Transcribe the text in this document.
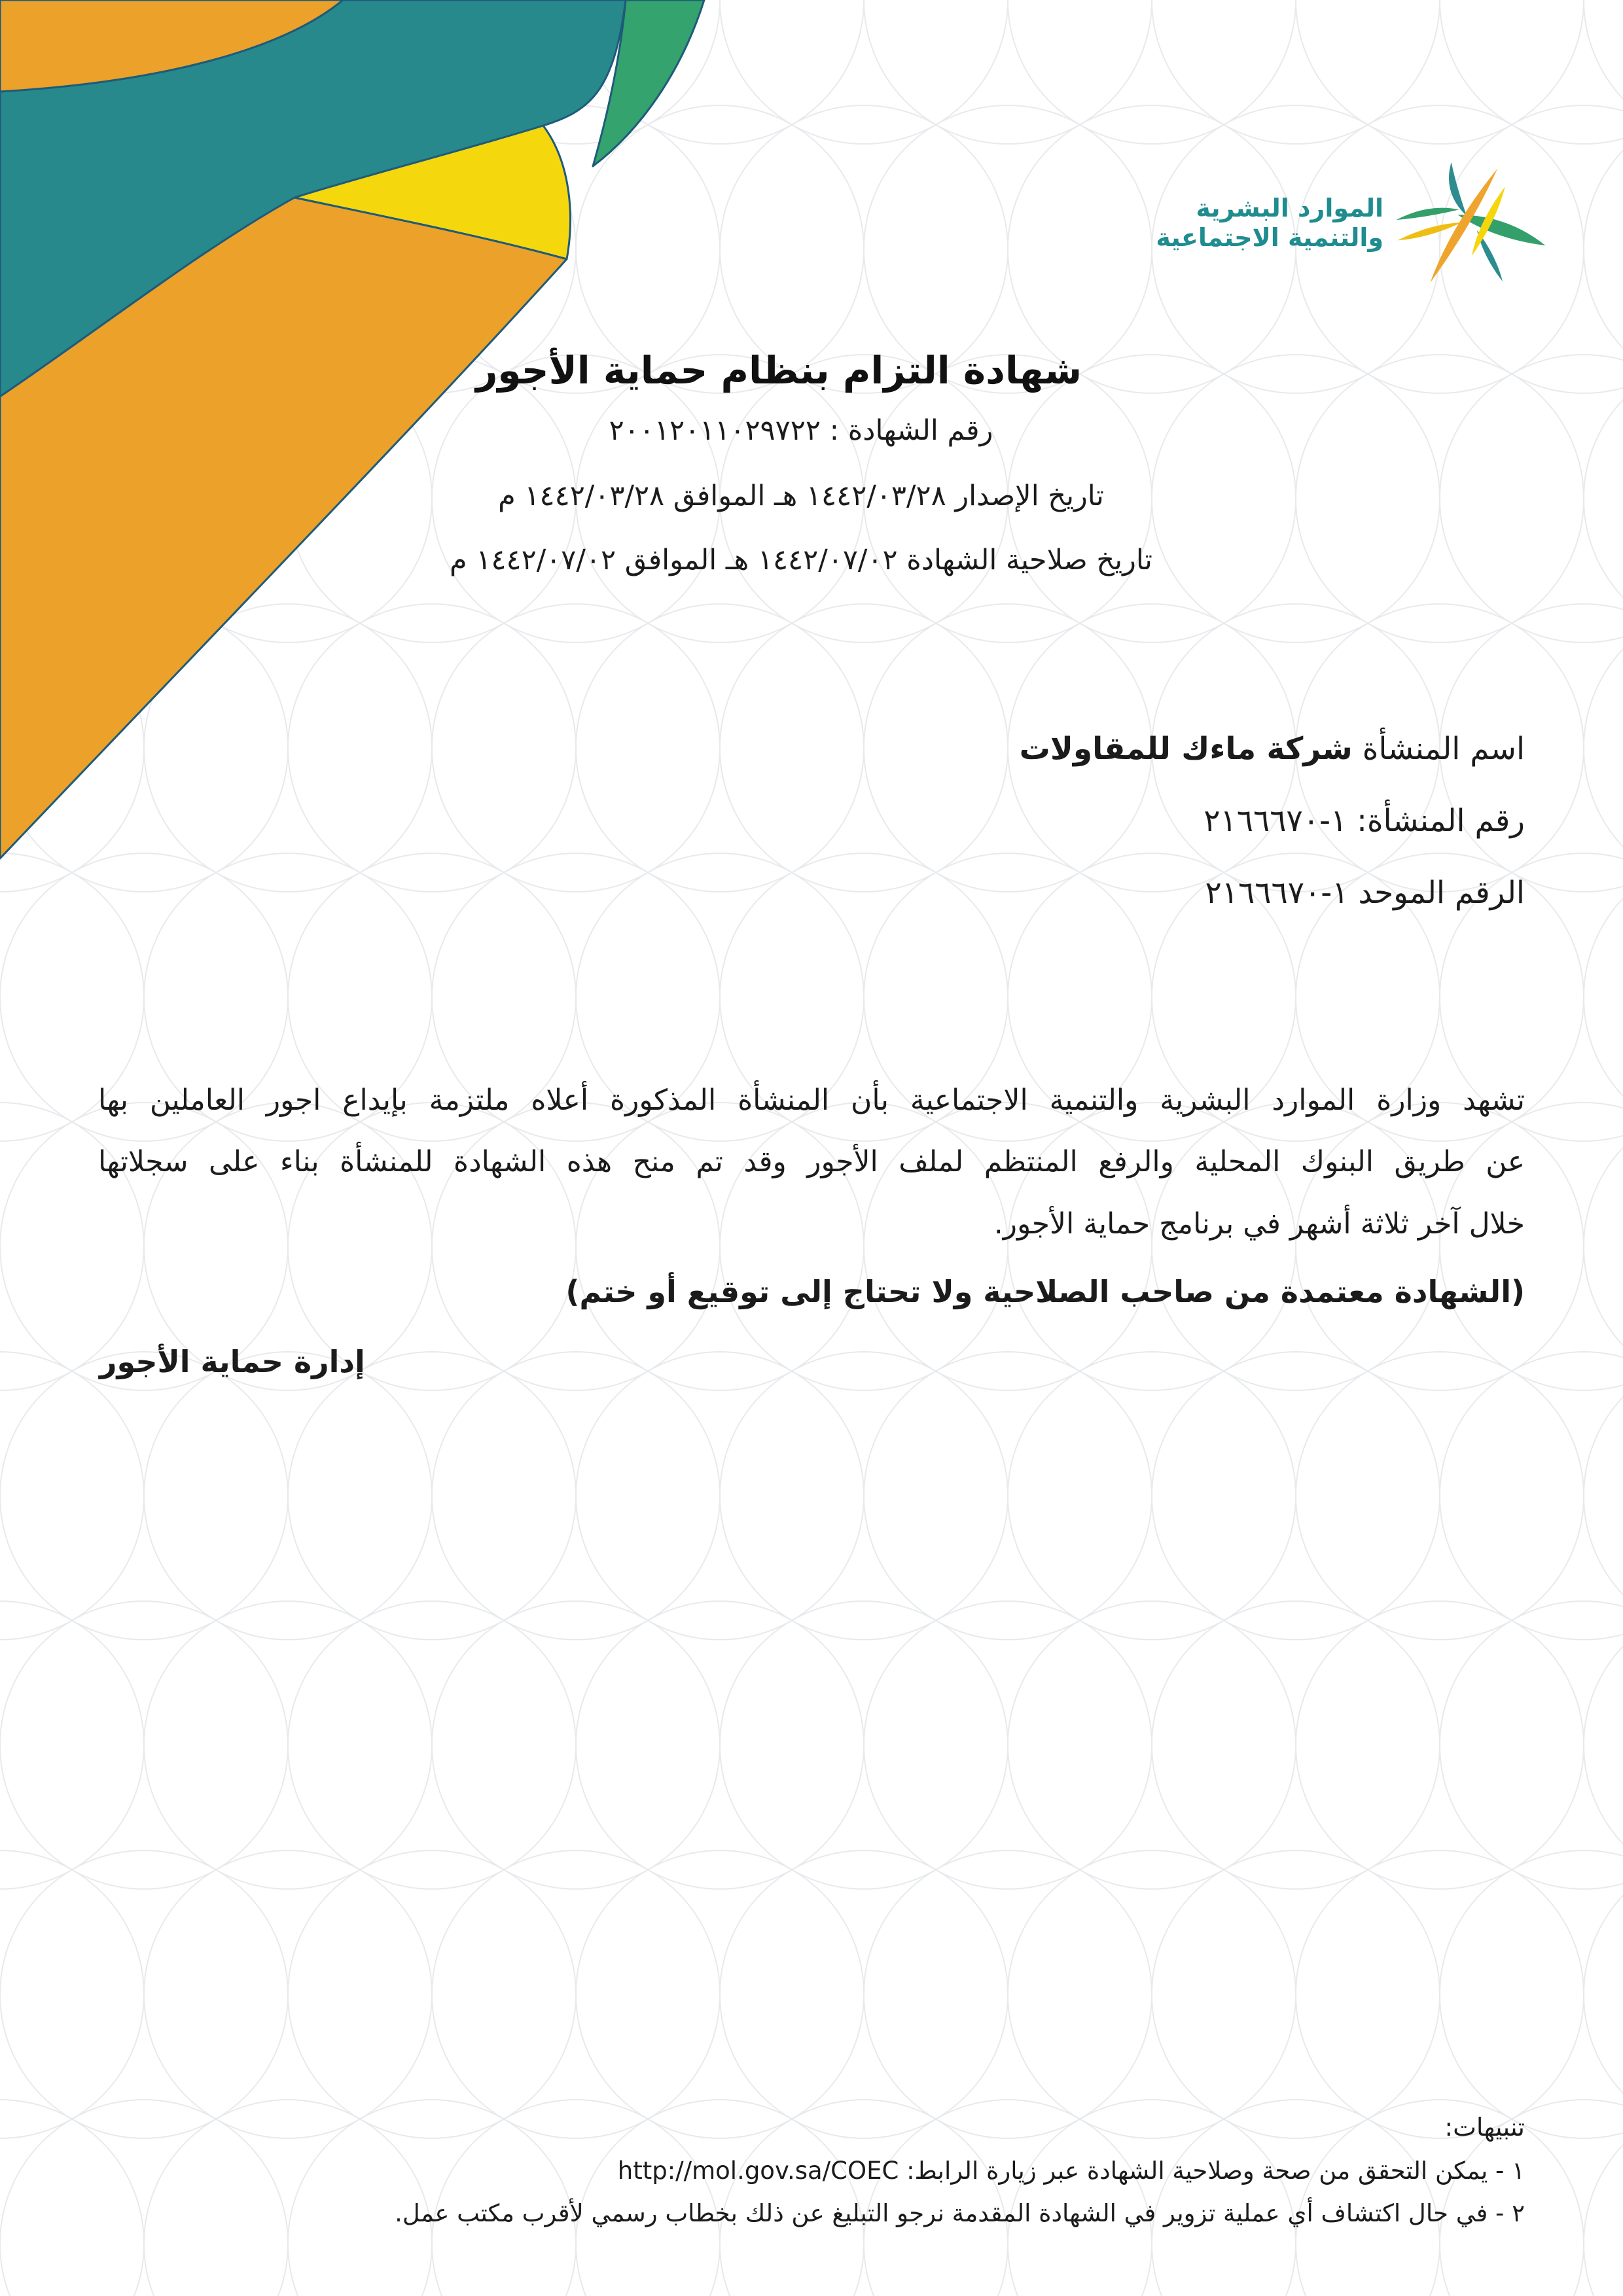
الموارد البشرية
والتنمية الاجتماعية
شهادة التزام بنظام حماية الأجور
رقم الشهادة : ٢٠٠١٢٠١١٠٢٩٧٢٢
تاريخ الإصدار ١٤٤٢/٠٣/٢٨ هـ الموافق ١٤٤٢/٠٣/٢٨ م
تاريخ صلاحية الشهادة ١٤٤٢/٠٧/٠٢ هـ الموافق ١٤٤٢/٠٧/٠٢ م
اسم المنشأة شركة ماءك للمقاولات
رقم المنشأة: ١-٢١٦٦٦٧٠
الرقم الموحد ١-٢١٦٦٦٧٠
تشهد وزارة الموارد البشرية والتنمية الاجتماعية بأن المنشأة المذكورة أعلاه ملتزمة بإيداع اجور العاملين بها
عن طريق البنوك المحلية والرفع المنتظم لملف الأجور وقد تم منح هذه الشهادة للمنشأة بناء على سجلاتها
خلال آخر ثلاثة أشهر في برنامج حماية الأجور.
(الشهادة معتمدة من صاحب الصلاحية ولا تحتاج إلى توقيع أو ختم)
إدارة حماية الأجور
تنبيهات:
١ - يمكن التحقق من صحة وصلاحية الشهادة عبر زيارة الرابط: http://mol.gov.sa/COEC
٢ - في حال اكتشاف أي عملية تزوير في الشهادة المقدمة نرجو التبليغ عن ذلك بخطاب رسمي لأقرب مكتب عمل.
